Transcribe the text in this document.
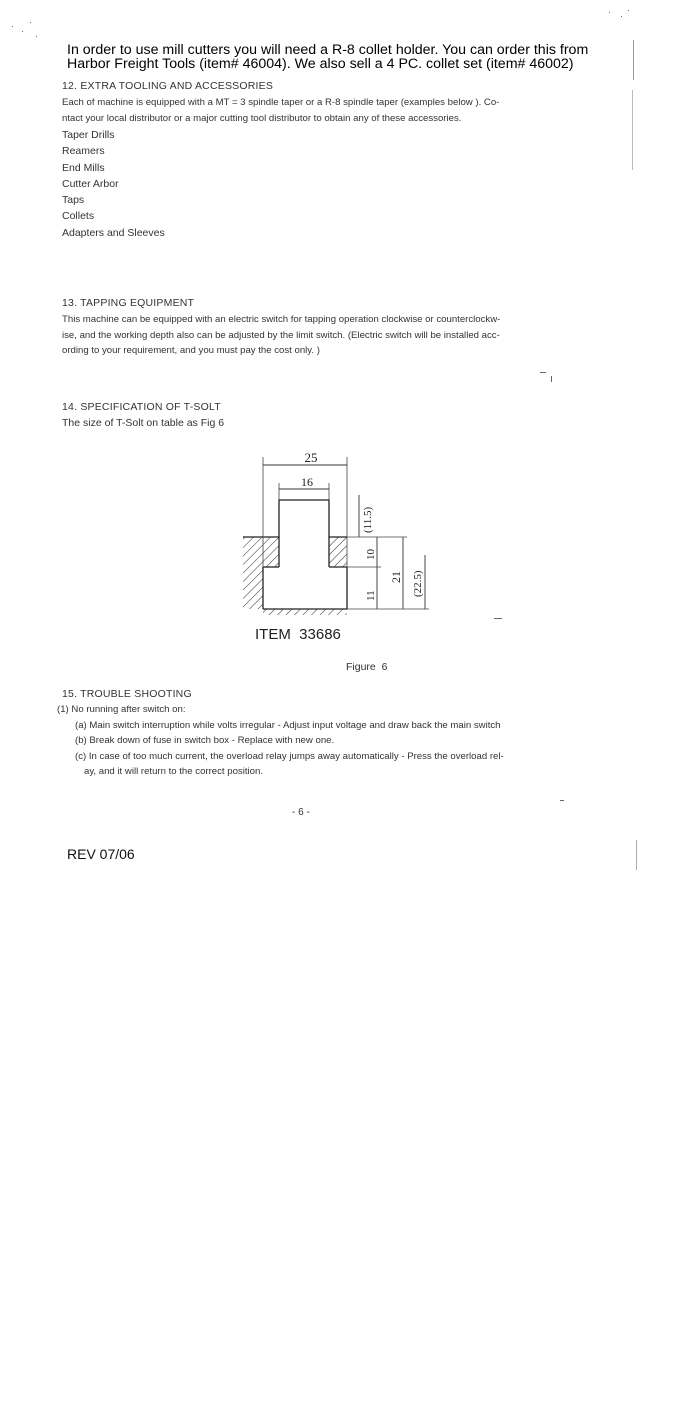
In order to use mill cutters you will need a R-8 collet holder. You can order this from
Harbor Freight Tools (item# 46004). We also sell a 4 PC. collet set (item# 46002)
12. EXTRA TOOLING AND ACCESSORIES
Each of machine is equipped with a MT = 3 spindle taper or a R-8 spindle taper (examples below ). Co-
ntact your local distributor or a major cutting tool distributor to obtain any of these accessories.
Taper Drills
Reamers
End Mills
Cutter Arbor
Taps
Collets
Adapters and Sleeves
13. TAPPING EQUIPMENT
This machine can be equipped with an electric switch for tapping operation clockwise or counterclockw-
ise, and the working depth also can be adjusted by the limit switch. (Electric switch will be installed acc-
ording to your requirement, and you must pay the cost only. )
14. SPECIFICATION OF T-SOLT
The size of T-Solt on table as Fig 6
25
16
(11.5)
10
11
21 (22.5)
ITEM  33686
Figure  6
15. TROUBLE SHOOTING
(1) No running after switch on:
(a) Main switch interruption while volts irregular - Adjust input voltage and draw back the main switch
(b) Break down of fuse in switch box - Replace with new one.
(c) In case of too much current, the overload relay jumps away automatically - Press the overload rel-
ay, and it will return to the correct position.
- 6 -
REV 07/06
